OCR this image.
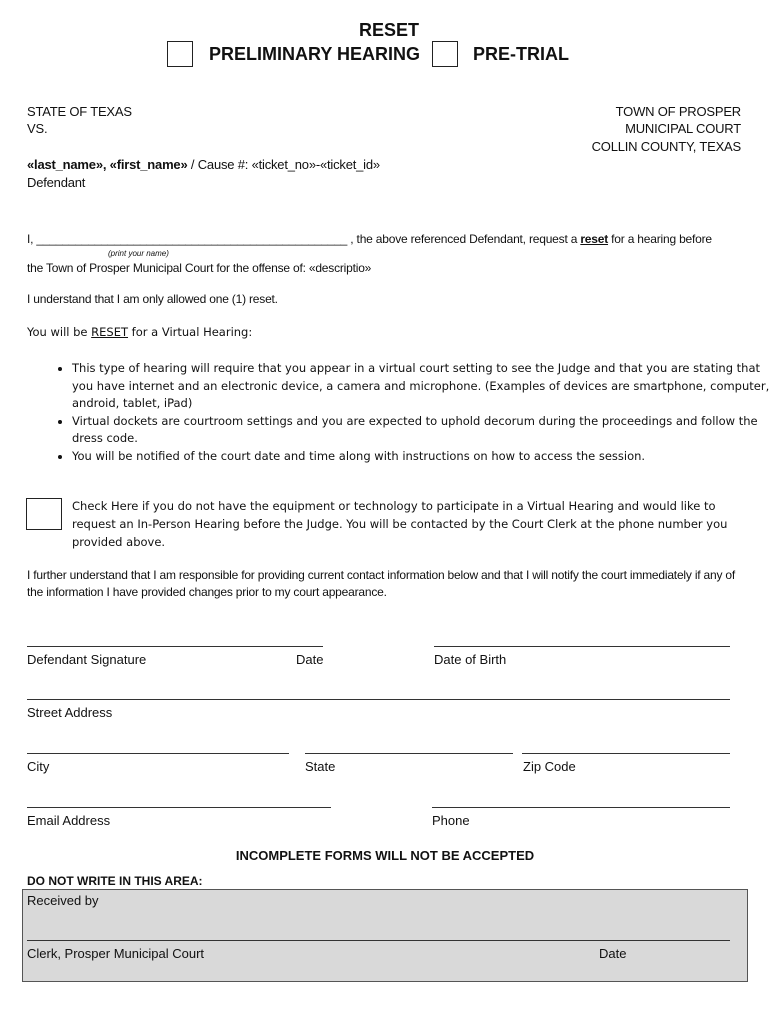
RESET
PRELIMINARY HEARING	PRE-TRIAL
STATE OF TEXAS
VS.
TOWN OF PROSPER
MUNICIPAL COURT
COLLIN COUNTY, TEXAS
«last_name», «first_name» / Cause #: «ticket_no»-«ticket_id»
Defendant
I, ________________________________________________ , the above referenced Defendant, request a reset for a hearing before
(print your name)
the Town of Prosper Municipal Court for the offense of: «descriptio»
I understand that I am only allowed one (1) reset.
You will be RESET for a Virtual Hearing:
• This type of hearing will require that you appear in a virtual court setting to see the Judge and that you are stating that you have internet and an electronic device, a camera and microphone. (Examples of devices are smartphone, computer, android, tablet, iPad)
• Virtual dockets are courtroom settings and you are expected to uphold decorum during the proceedings and follow the dress code.
• You will be notified of the court date and time along with instructions on how to access the session.
Check Here if you do not have the equipment or technology to participate in a Virtual Hearing and would like to request an In-Person Hearing before the Judge. You will be contacted by the Court Clerk at the phone number you provided above.
I further understand that I am responsible for providing current contact information below and that I will notify the court immediately if any of the information I have provided changes prior to my court appearance.
Defendant Signature	Date	Date of Birth
Street Address
City	State	Zip Code
Email Address	Phone
INCOMPLETE FORMS WILL NOT BE ACCEPTED
DO NOT WRITE IN THIS AREA:
Received by
Clerk, Prosper Municipal Court	Date
